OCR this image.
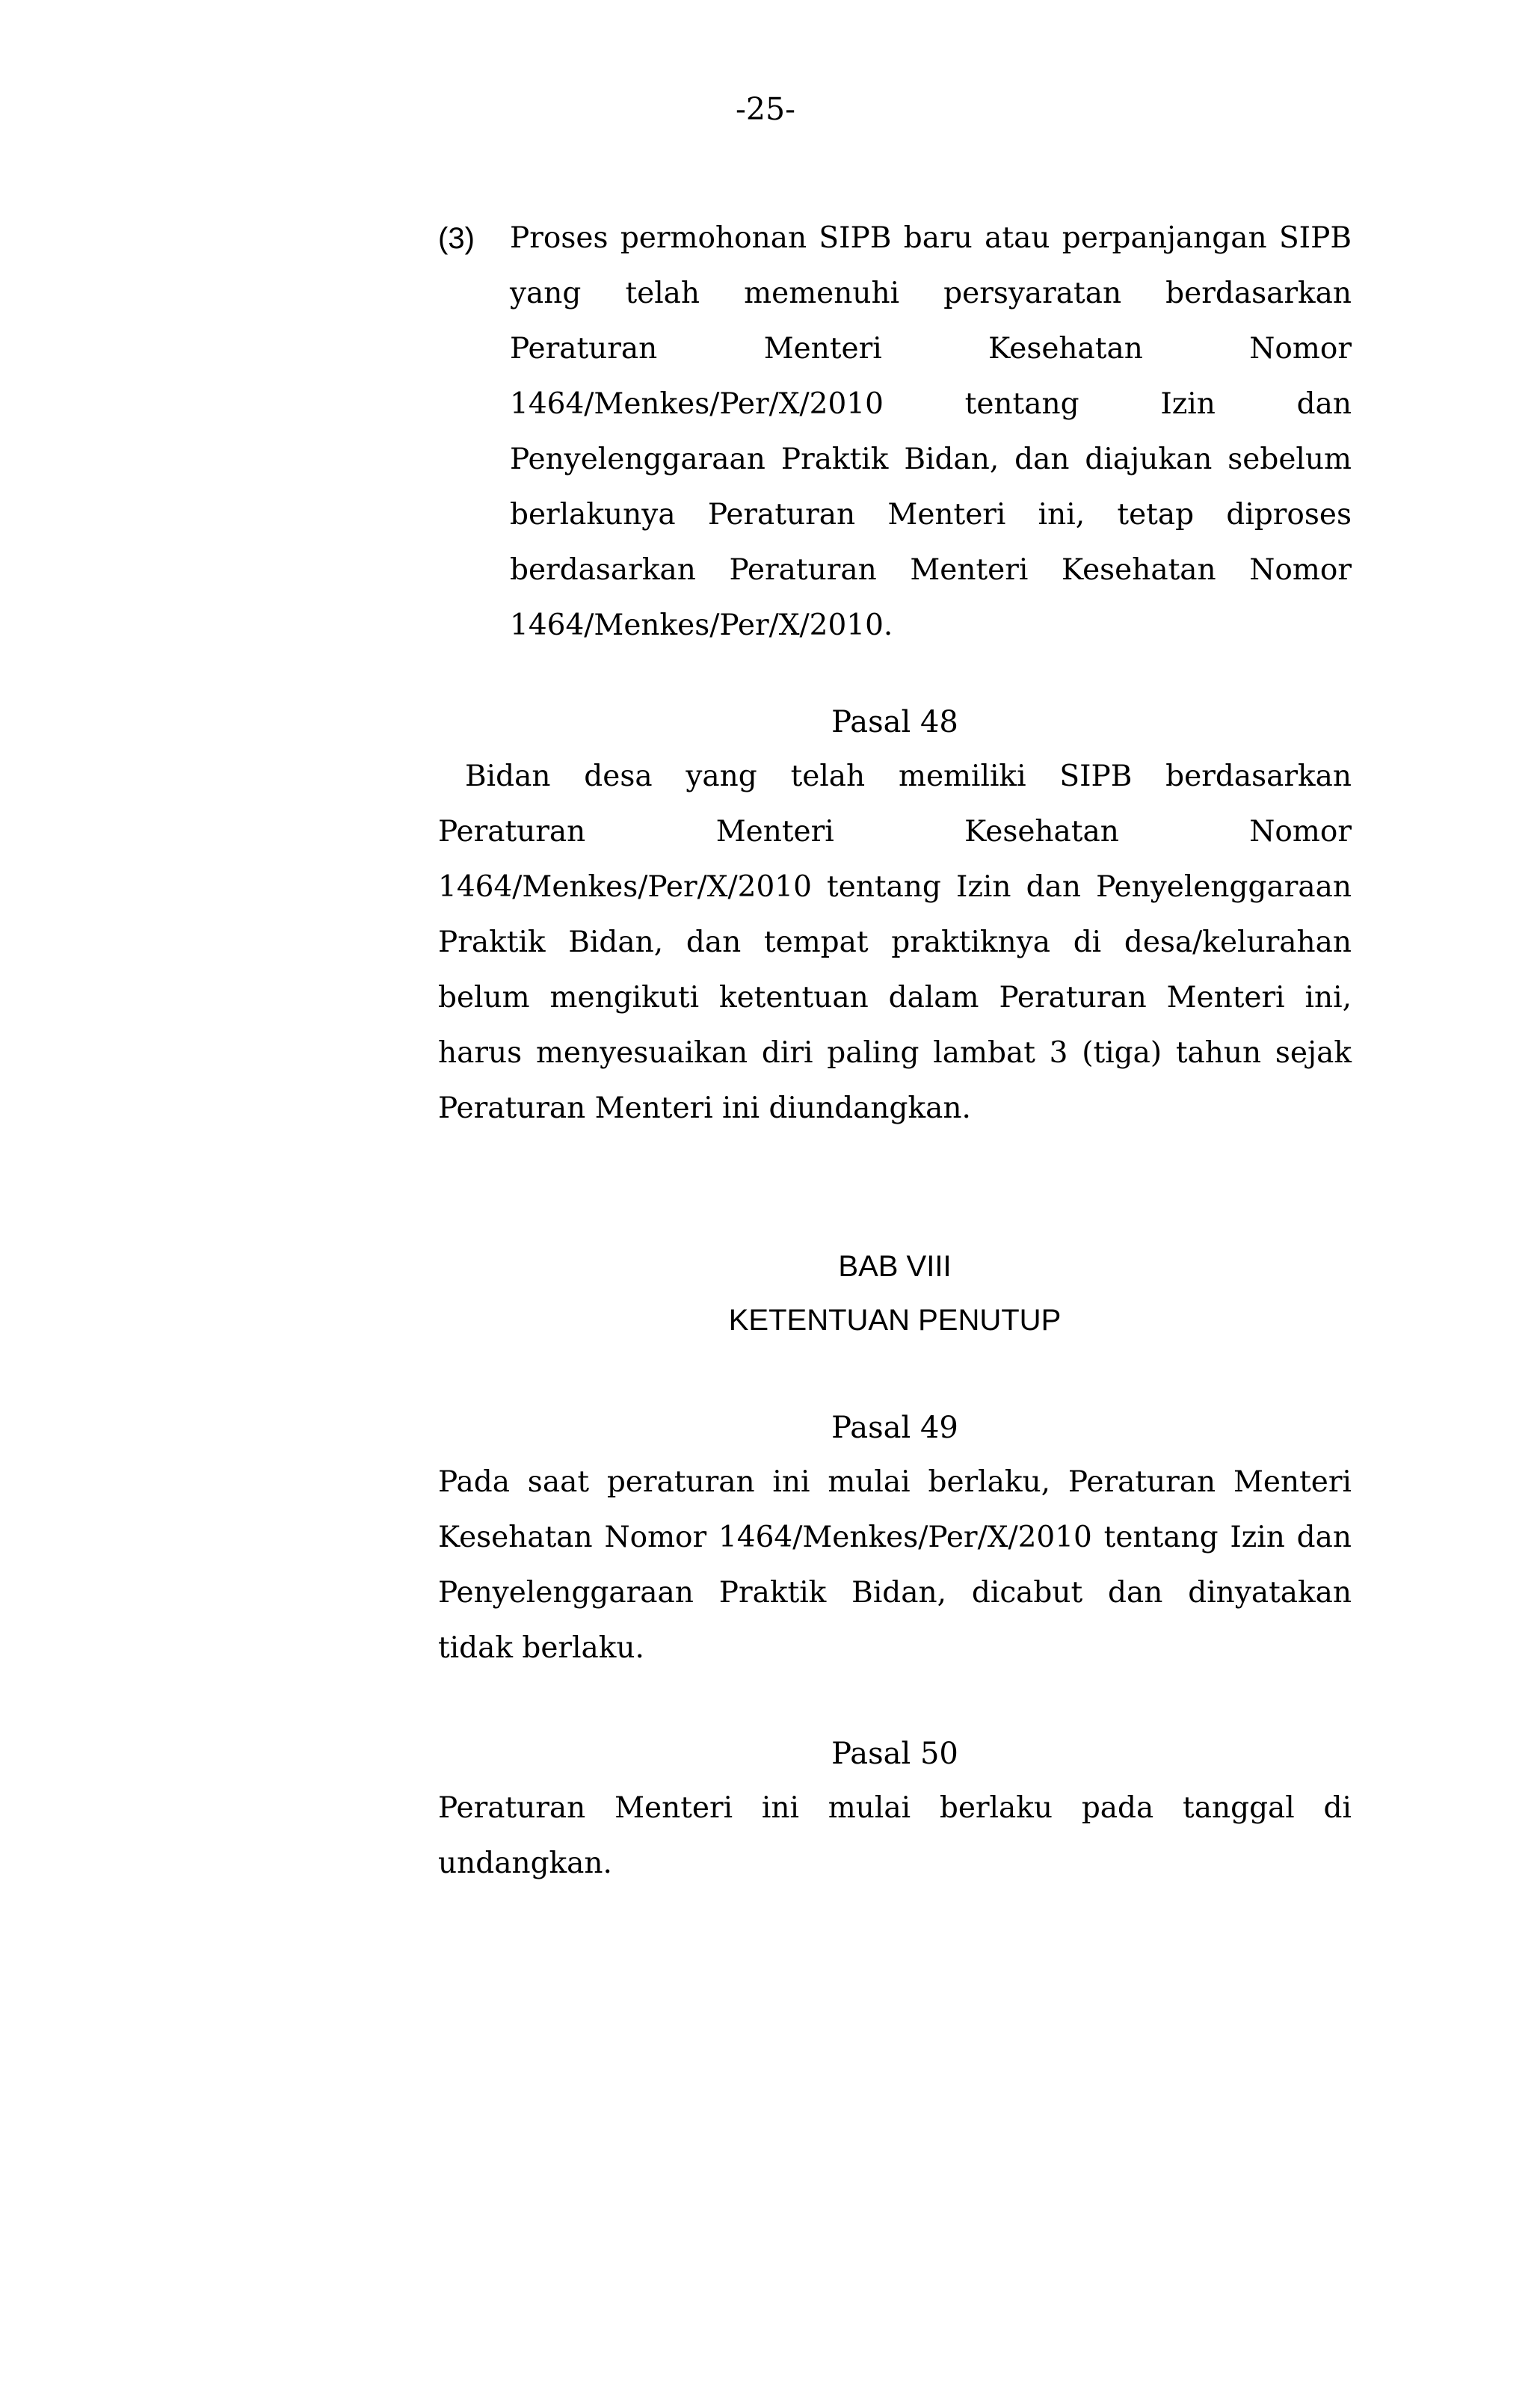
-25-
(3)	Proses permohonan SIPB baru atau perpanjangan SIPB yang telah memenuhi persyaratan berdasarkan Peraturan Menteri Kesehatan Nomor 1464/Menkes/Per/X/2010 tentang Izin dan Penyelenggaraan Praktik Bidan, dan diajukan sebelum berlakunya Peraturan Menteri ini, tetap diproses berdasarkan Peraturan Menteri Kesehatan Nomor 1464/Menkes/Per/X/2010.
Pasal 48
Bidan desa yang telah memiliki SIPB berdasarkan Peraturan Menteri Kesehatan Nomor 1464/Menkes/Per/X/2010 tentang Izin dan Penyelenggaraan Praktik Bidan, dan tempat praktiknya di desa/kelurahan belum mengikuti ketentuan dalam Peraturan Menteri ini, harus menyesuaikan diri paling lambat 3 (tiga) tahun sejak Peraturan Menteri ini diundangkan.
BAB VIII
KETENTUAN PENUTUP
Pasal 49
Pada saat peraturan ini mulai berlaku, Peraturan Menteri Kesehatan Nomor 1464/Menkes/Per/X/2010 tentang Izin dan Penyelenggaraan Praktik Bidan, dicabut dan dinyatakan tidak berlaku.
Pasal 50
Peraturan Menteri ini mulai berlaku pada tanggal di undangkan.
